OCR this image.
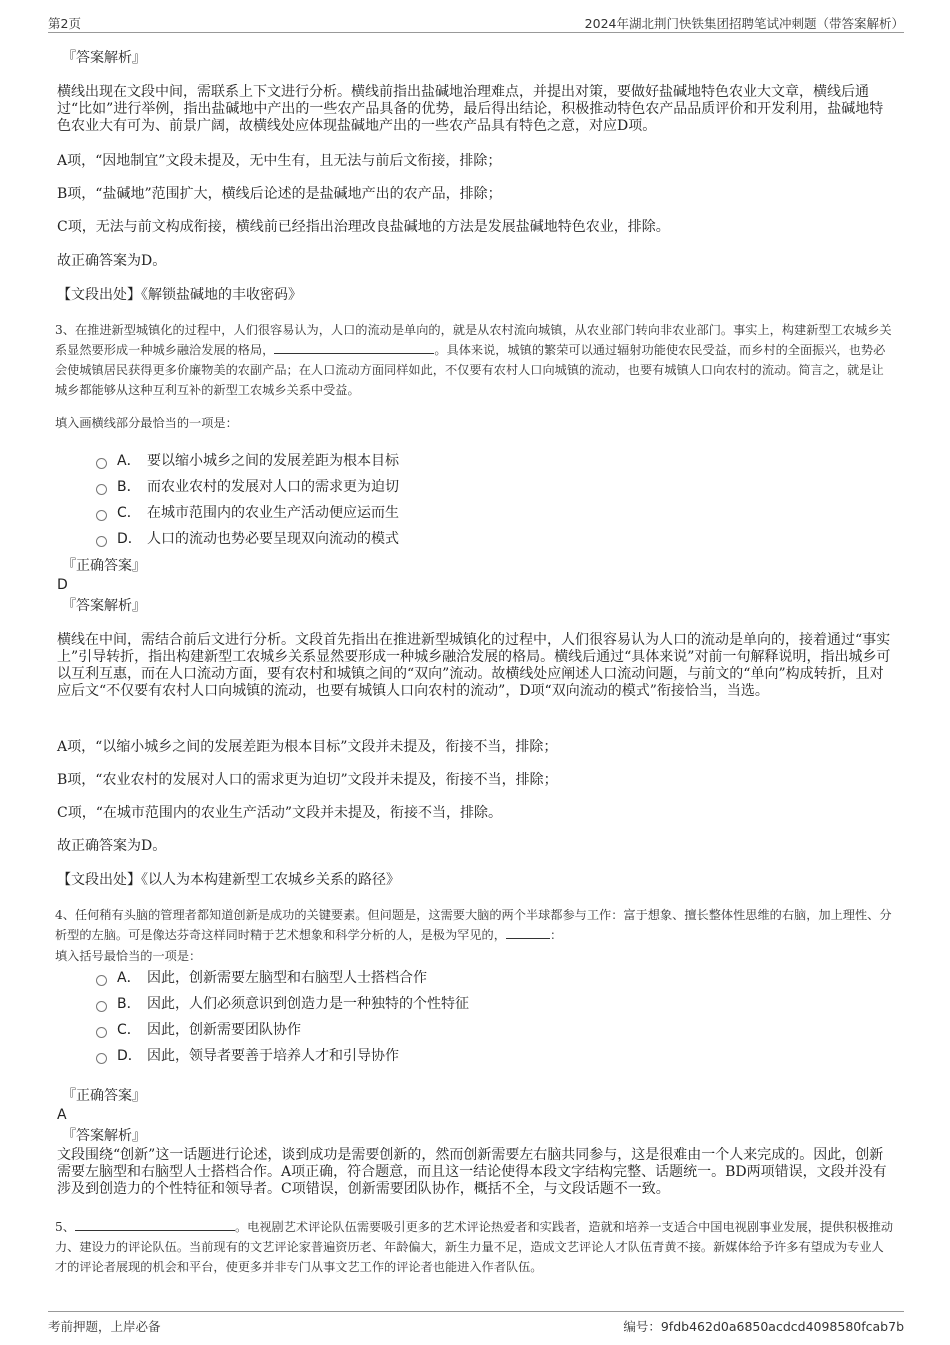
第2页	2024年湖北荆门快铁集团招聘笔试冲刺题（带答案解析）
『答案解析』

横线出现在文段中间，需联系上下文进行分析。横线前指出盐碱地治理难点，并提出对策，要做好盐碱地特色农业大文章，横线后通过“比如”进行举例，指出盐碱地中产出的一些农产品具备的优势，最后得出结论，积极推动特色农产品品质评价和开发利用，盐碱地特色农业大有可为、前景广阔，故横线处应体现盐碱地产出的一些农产品具有特色之意，对应D项。

A项，“因地制宜”文段未提及，无中生有，且无法与前后文衔接，排除；

B项，“盐碱地”范围扩大，横线后论述的是盐碱地产出的农产品，排除；

C项，无法与前文构成衔接，横线前已经指出治理改良盐碱地的方法是发展盐碱地特色农业，排除。

故正确答案为D。

【文段出处】《解锁盐碱地的丰收密码》

3、在推进新型城镇化的过程中，人们很容易认为，人口的流动是单向的，就是从农村流向城镇，从农业部门转向非农业部门。事实上，构建新型工农城乡关系显然要形成一种城乡融洽发展的格局，	。具体来说，城镇的繁荣可以通过辐射功能使农民受益，而乡村的全面振兴，也势必会使城镇居民获得更多价廉物美的农副产品；在人口流动方面同样如此，不仅要有农村人口向城镇的流动，也要有城镇人口向农村的流动。简言之，就是让城乡都能够从这种互利互补的新型工农城乡关系中受益。

填入画横线部分最恰当的一项是：

A． 要以缩小城乡之间的发展差距为根本目标
B． 而农业农村的发展对人口的需求更为迫切
C． 在城市范围内的农业生产活动便应运而生
D． 人口的流动也势必要呈现双向流动的模式
『正确答案』
D
『答案解析』

横线在中间，需结合前后文进行分析。文段首先指出在推进新型城镇化的过程中，人们很容易认为人口的流动是单向的，接着通过“事实上”引导转折，指出构建新型工农城乡关系显然要形成一种城乡融洽发展的格局。横线后通过“具体来说”对前一句解释说明，指出城乡可以互利互惠，而在人口流动方面，要有农村和城镇之间的“双向”流动。故横线处应阐述人口流动问题，与前文的“单向”构成转折，且对应后文“不仅要有农村人口向城镇的流动，也要有城镇人口向农村的流动”，D项“双向流动的模式”衔接恰当，当选。

A项，“以缩小城乡之间的发展差距为根本目标”文段并未提及，衔接不当，排除；

B项，“农业农村的发展对人口的需求更为迫切”文段并未提及，衔接不当，排除；

C项，“在城市范围内的农业生产活动”文段并未提及，衔接不当，排除。

故正确答案为D。

【文段出处】《以人为本构建新型工农城乡关系的路径》

4、任何稍有头脑的管理者都知道创新是成功的关键要素。但问题是，这需要大脑的两个半球都参与工作：富于想象、擅长整体性思维的右脑，加上理性、分析型的左脑。可是像达芬奇这样同时精于艺术想象和科学分析的人，是极为罕见的，	：

填入括号最恰当的一项是：

A． 因此，创新需要左脑型和右脑型人士搭档合作
B． 因此，人们必须意识到创造力是一种独特的个性特征
C． 因此，创新需要团队协作
D． 因此，领导者要善于培养人才和引导协作
『正确答案』
A
『答案解析』

文段围绕“创新”这一话题进行论述，谈到成功是需要创新的，然而创新需要左右脑共同参与，这是很难由一个人来完成的。因此，创新需要左脑型和右脑型人士搭档合作。A项正确，符合题意，而且这一结论使得本段文字结构完整、话题统一。BD两项错误，文段并没有涉及到创造力的个性特征和领导者。C项错误，创新需要团队协作，概括不全，与文段话题不一致。

5、	。电视剧艺术评论队伍需要吸引更多的艺术评论热爱者和实践者，造就和培养一支适合中国电视剧事业发展，提供积极推动力、建设力的评论队伍。当前现有的文艺评论家普遍资历老、年龄偏大，新生力量不足，造成文艺评论人才队伍青黄不接。新媒体给予许多有望成为专业人才的评论者展现的机会和平台，使更多并非专门从事文艺工作的评论者也能进入作者队伍。

考前押题，上岸必备	编号：9fdb462d0a6850acdcd4098580fcab7b
